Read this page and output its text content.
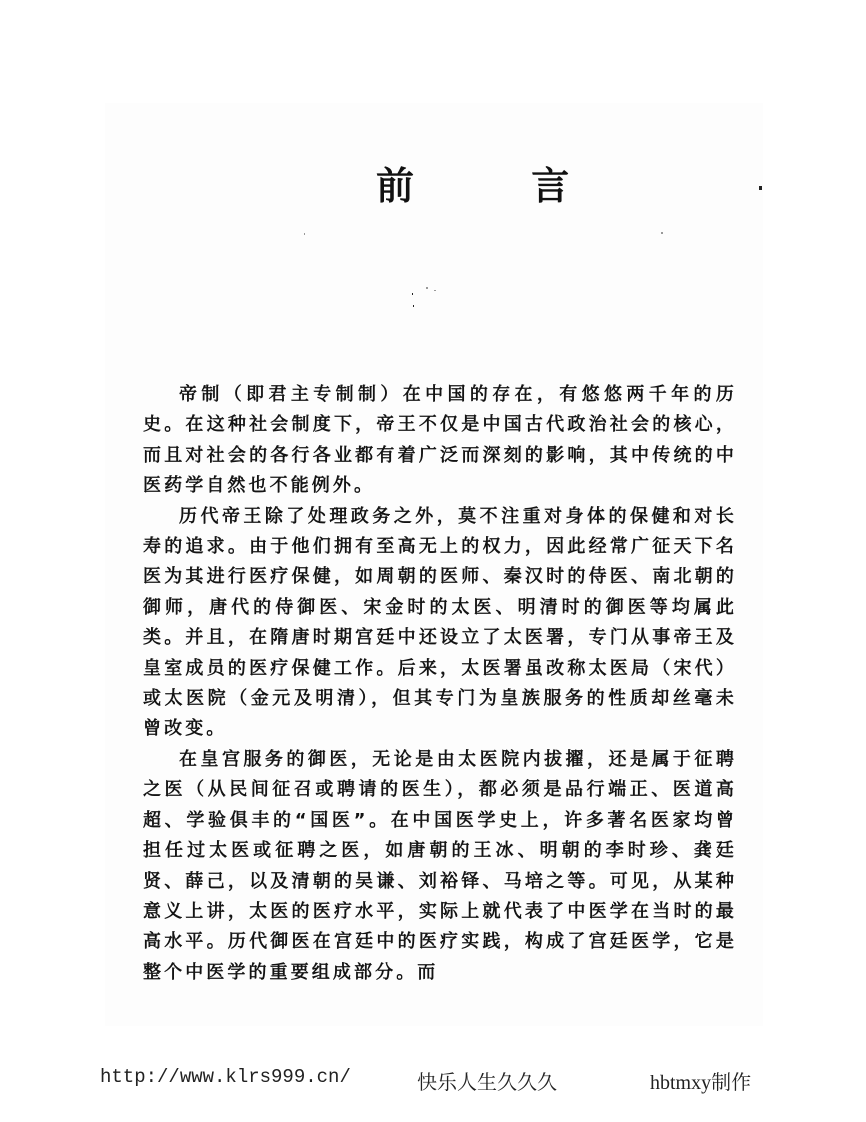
前 言

帝制（即君主专制制）在中国的存在，有悠悠两千年的历史。在这种社会制度下，帝王不仅是中国古代政治社会的核心，而且对社会的各行各业都有着广泛而深刻的影响，其中传统的中医药学自然也不能例外。

历代帝王除了处理政务之外，莫不注重对身体的保健和对长寿的追求。由于他们拥有至高无上的权力，因此经常广征天下名医为其进行医疗保健，如周朝的医师、秦汉时的侍医、南北朝的御师，唐代的侍御医、宋金时的太医、明清时的御医等均属此类。并且，在隋唐时期宫廷中还设立了太医署，专门从事帝王及皇室成员的医疗保健工作。后来，太医署虽改称太医局（宋代）或太医院（金元及明清），但其专门为皇族服务的性质却丝毫未曾改变。

在皇宫服务的御医，无论是由太医院内拔擢，还是属于征聘之医（从民间征召或聘请的医生），都必须是品行端正、医道高超、学验俱丰的“国医”。在中国医学史上，许多著名医家均曾担任过太医或征聘之医，如唐朝的王冰、明朝的李时珍、龚廷贤、薛己，以及清朝的吴谦、刘裕铎、马培之等。可见，从某种意义上讲，太医的医疗水平，实际上就代表了中医学在当时的最高水平。历代御医在宫廷中的医疗实践，构成了宫廷医学，它是整个中医学的重要组成部分。而

http://www.klrs999.cn/	快乐人生久久久	hbtmxy制作
